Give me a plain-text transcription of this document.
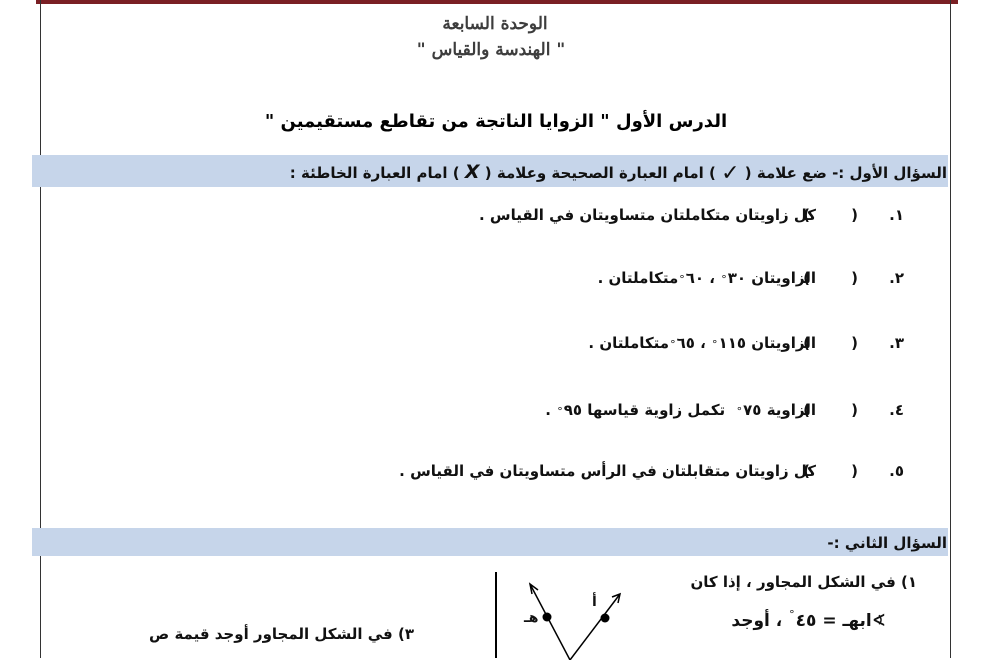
الوحدة السابعة
" الهندسة والقياس "
الدرس الأول " الزوايا الناتجة من تقاطع مستقيمين "
السؤال الأول :- ضع علامة ( ✓ ) امام العبارة الصحيحة وعلامة ( X ) امام العبارة الخاطئة :
١.
( )
كل زاويتان متكاملتان متساويتان في القياس .
٢.
( )
الزاويتان ٣٠
°

، ٦٠
°
متكاملتان .
٣.
( )
الزاويتان ١١٥
°

، ٦٥
°
متكاملتان .
٤.
( )
الزاوية ٧٥
°

تكمل زاوية قياسها ٩٥
°

.
٥.
( )
كل زاويتان متقابلتان في الرأس متساويتان في القياس .
السؤال الثاني :-
١) في الشكل المجاور ، إذا كان
∢اب‍هـ = ٤٥° ، أوجد
هـ
أ
٣) في الشكل المجاور أوجد قيمة ص
